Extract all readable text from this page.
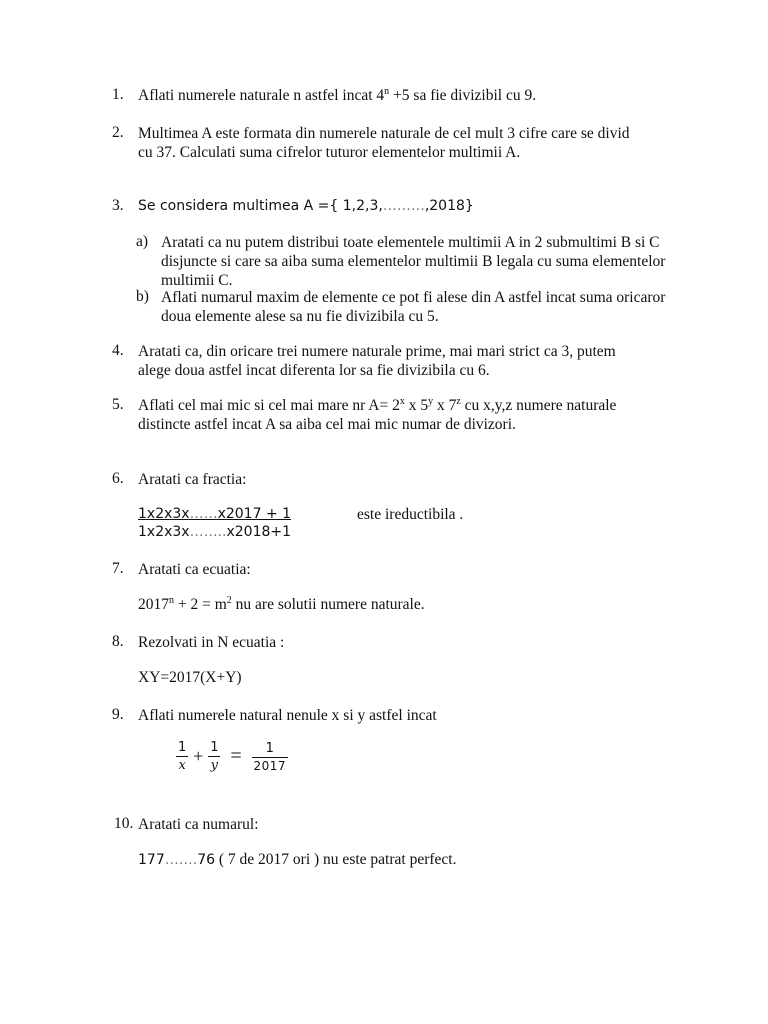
1. Aflati numerele naturale n astfel incat $4^n +5$ sa fie divizibil cu 9.
2. Multimea A este formata din numerele naturale de cel mult 3 cifre care se divid
cu 37. Calculati suma cifrelor tuturor elementelor multimii A.
3.	Se considera multimea A ={ 1,2,3,………,2018}
a) Aratati ca nu putem distribui toate elementele multimii A in 2 submultimi B si C disjuncte si care sa aiba suma elementelor multimii B legala cu suma elementelor multimii C.
b) Aflati numarul maxim de elemente ce pot fi alese din A astfel incat suma oricaror doua elemente alese sa nu fie divizibila cu 5.
4. Aratati ca, din oricare trei numere naturale prime, mai mari strict ca 3, putem
alege doua astfel incat diferenta lor sa fie divizibila cu 6.
5. Aflati cel mai mic si cel mai mare nr $A= 2^x$ x 5$^y$ x 7$^z$ cu x,y,z numere naturale
distincte astfel incat A sa aiba cel mai mic numar de divizori.
6. Aratati ca fractia:
1x2x3x……x2017 + 1
1x2x3x……..x2018+1
este ireductibila .
7. Aratati ca ecuatia:
$2017^n + 2 = m^2$ nu are solutii numere naturale.
8. Rezolvati in N ecuatia :
XY=2017(X+Y)
9. Aflati numerele natural nenule x si y astfel incat
$\frac{1}{x} + \frac{1}{y} = \frac{1}{2017}$
10. Aratati ca numarul:
177…….76 ( 7 de 2017 ori ) nu este patrat perfect.
